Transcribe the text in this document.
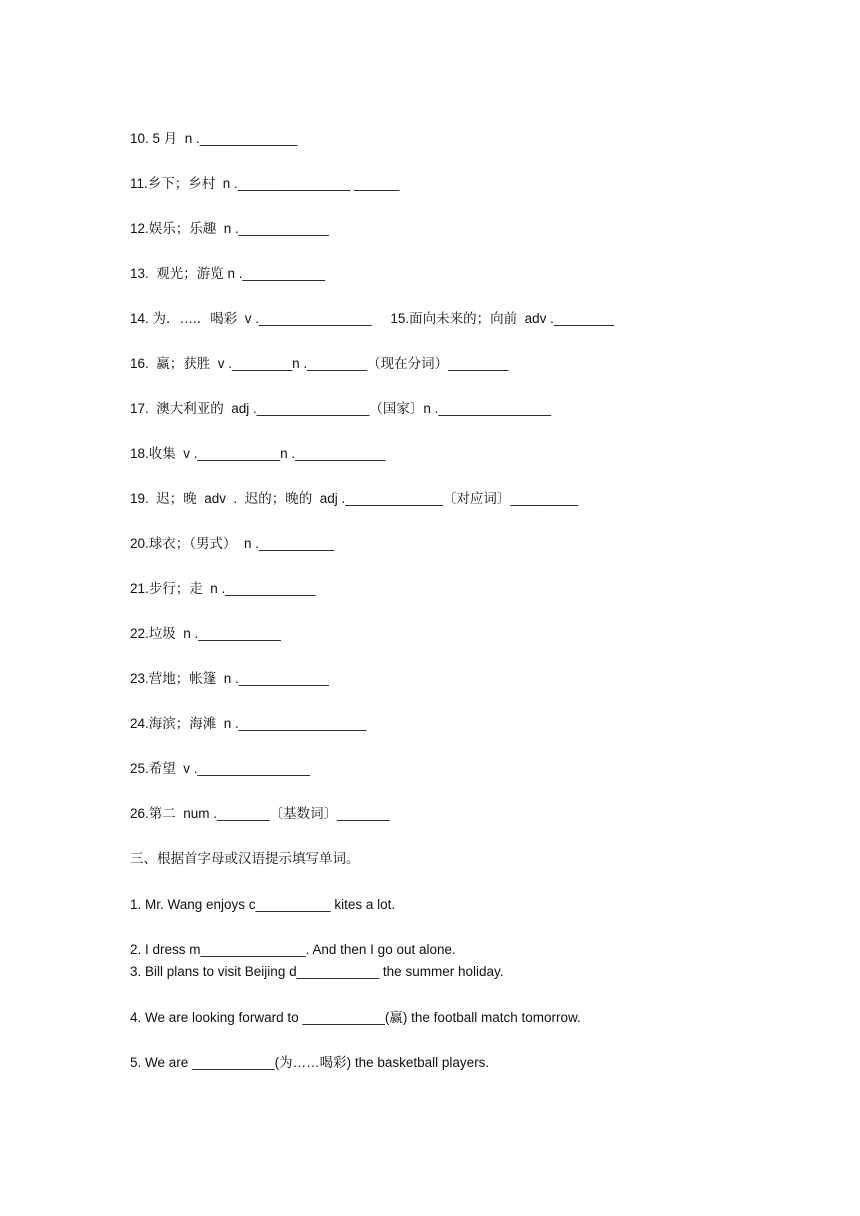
10. 5 月  n ._____________
11.乡下；乡村  n ._______________ ______
12.娱乐；乐趣  n .____________
13.  观光；游览 n .___________
14. 为．….．喝彩  v ._______________     15.面向未来的；向前  adv .________
16.  赢；获胜  v .________n .________（现在分词）________
17.  澳大利亚的  adj ._______________（国家〕n ._______________
18.收集  v .___________n .____________
19.  迟；晚  adv  .  迟的；晚的  adj ._____________〔对应词〕_________
20.球衣；（男式）  n .__________
21.步行；走  n .____________
22.垃圾  n .___________
23.营地；帐篷  n .____________
24.海滨；海滩  n ._________________
25.希望  v ._______________
26.第二  num ._______〔基数词〕_______
三、根据首字母或汉语提示填写单词。
1. Mr. Wang enjoys c__________ kites a lot.
2. I dress m______________. And then I go out alone.
3. Bill plans to visit Beijing d___________ the summer holiday.
4. We are looking forward to ___________(赢) the football match tomorrow.
5. We are ___________(为……喝彩) the basketball players.
